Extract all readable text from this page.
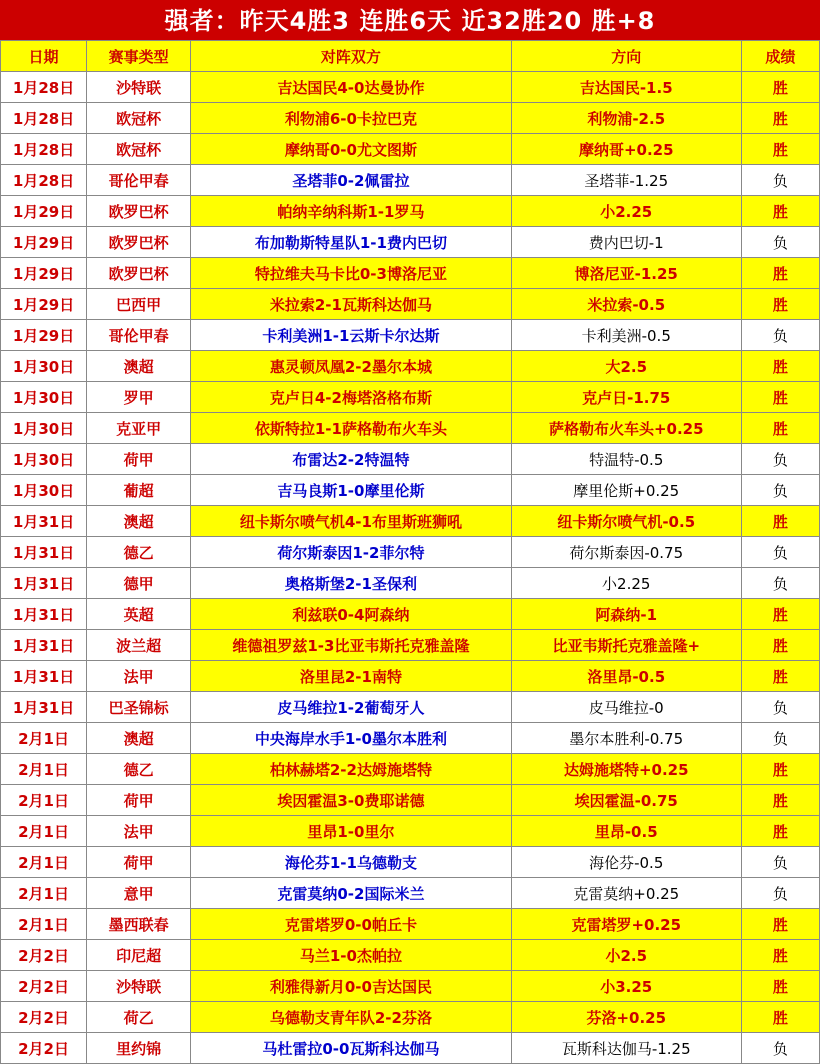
强者：昨天4胜3 连胜6天 近32胜20 胜+8
日期	赛事类型	对阵双方	方向	成绩
1月28日	沙特联	吉达国民4-0达曼协作	吉达国民-1.5	胜
1月28日	欧冠杯	利物浦6-0卡拉巴克	利物浦-2.5	胜
1月28日	欧冠杯	摩纳哥0-0尤文图斯	摩纳哥+0.25	胜
1月28日	哥伦甲春	圣塔菲0-2佩雷拉	圣塔菲-1.25	负
1月29日	欧罗巴杯	帕纳辛纳科斯1-1罗马	小2.25	胜
1月29日	欧罗巴杯	布加勒斯特星队1-1费内巴切	费内巴切-1	负
1月29日	欧罗巴杯	特拉维夫马卡比0-3博洛尼亚	博洛尼亚-1.25	胜
1月29日	巴西甲	米拉索2-1瓦斯科达伽马	米拉索-0.5	胜
1月29日	哥伦甲春	卡利美洲1-1云斯卡尔达斯	卡利美洲-0.5	负
1月30日	澳超	惠灵顿凤凰2-2墨尔本城	大2.5	胜
1月30日	罗甲	克卢日4-2梅塔洛格布斯	克卢日-1.75	胜
1月30日	克亚甲	依斯特拉1-1萨格勒布火车头	萨格勒布火车头+0.25	胜
1月30日	荷甲	布雷达2-2特温特	特温特-0.5	负
1月30日	葡超	吉马良斯1-0摩里伦斯	摩里伦斯+0.25	负
1月31日	澳超	纽卡斯尔喷气机4-1布里斯班狮吼	纽卡斯尔喷气机-0.5	胜
1月31日	德乙	荷尔斯泰因1-2菲尔特	荷尔斯泰因-0.75	负
1月31日	德甲	奥格斯堡2-1圣保利	小2.25	负
1月31日	英超	利兹联0-4阿森纳	阿森纳-1	胜
1月31日	波兰超	维德祖罗兹1-3比亚韦斯托克雅盖隆	比亚韦斯托克雅盖隆+	胜
1月31日	法甲	洛里昆2-1南特	洛里昂-0.5	胜
1月31日	巴圣锦标	皮马维拉1-2葡萄牙人	皮马维拉-0	负
2月1日	澳超	中央海岸水手1-0墨尔本胜利	墨尔本胜利-0.75	负
2月1日	德乙	柏林赫塔2-2达姆施塔特	达姆施塔特+0.25	胜
2月1日	荷甲	埃因霍温3-0费耶诺德	埃因霍温-0.75	胜
2月1日	法甲	里昂1-0里尔	里昂-0.5	胜
2月1日	荷甲	海伦芬1-1乌德勒支	海伦芬-0.5	负
2月1日	意甲	克雷莫纳0-2国际米兰	克雷莫纳+0.25	负
2月1日	墨西联春	克雷塔罗0-0帕丘卡	克雷塔罗+0.25	胜
2月2日	印尼超	马兰1-0杰帕拉	小2.5	胜
2月2日	沙特联	利雅得新月0-0吉达国民	小3.25	胜
2月2日	荷乙	乌德勒支青年队2-2芬洛	芬洛+0.25	胜
2月2日	里约锦	马杜雷拉0-0瓦斯科达伽马	瓦斯科达伽马-1.25	负
